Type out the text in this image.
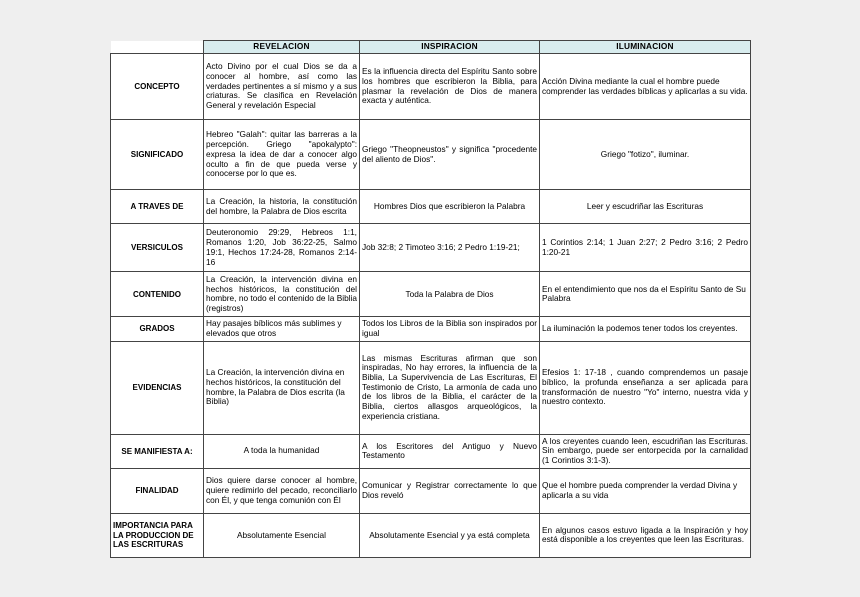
	REVELACION	INSPIRACION	ILUMINACION
CONCEPTO	Acto Divino por el cual Dios se da a conocer al hombre, así como las verdades pertinentes a sí mismo y a sus criaturas. Se clasifica en Revelación General y revelación Especial	Es la influencia directa del Espíritu Santo sobre los hombres que escribieron la Biblia, para plasmar la revelación de Dios de manera exacta y auténtica.	Acción Divina mediante la cual el hombre puede comprender las verdades bíblicas y aplicarlas a su vida.
SIGNIFICADO	Hebreo "Galah": quitar las barreras a la percepción. Griego "apokalypto": expresa la idea de dar a conocer algo oculto a fin de que pueda verse y conocerse por lo que es.	Griego "Theopneustos" y significa "procedente del aliento de Dios".	Griego "fotizo", iluminar.
A TRAVES DE	La Creación, la historia, la constitución del hombre, la Palabra de Dios escrita	Hombres Dios que escribieron la Palabra	Leer y escudriñar las Escrituras
VERSICULOS	Deuteronomio 29:29, Hebreos 1:1, Romanos 1:20, Job 36:22-25, Salmo 19:1, Hechos 17:24-28, Romanos 2:14-16	Job 32:8; 2 Timoteo 3:16; 2 Pedro 1:19-21;	1 Corintios 2:14; 1 Juan 2:27; 2 Pedro 3:16; 2 Pedro 1:20-21
CONTENIDO	La Creación, la intervención divina en hechos históricos, la constitución del hombre, no todo el contenido de la Biblia (registros)	Toda la Palabra de Dios	En el entendimiento que nos da el Espíritu Santo de Su Palabra
GRADOS	Hay pasajes bíblicos más sublimes y elevados que otros	Todos los Libros de la Biblia son inspirados por igual	La iluminación la podemos tener todos los creyentes.
EVIDENCIAS	La Creación, la intervención divina en hechos históricos, la constitución del hombre, la Palabra de Dios escrita (la Biblia)	Las mismas Escrituras afirman que son inspiradas, No hay errores, la influencia de la Biblia, La Supervivencia de Las Escrituras, El Testimonio de Cristo, La armonía de cada uno de los libros de la Biblia, el carácter de la Biblia, ciertos allasgos arqueológicos, la experiencia cristiana.	Efesios 1: 17-18 , cuando comprendemos un pasaje bíblico, la profunda enseñanza a ser aplicada para transformación de nuestro "Yo" interno, nuestra vida y nuestro contexto.
SE MANIFIESTA A:	A toda la humanidad	A los Escritores del Antiguo y Nuevo Testamento	A los creyentes cuando leen, escudriñan las Escrituras. Sin embargo, puede ser entorpecida por la carnalidad (1 Corintios 3:1-3).
FINALIDAD	Dios quiere darse conocer al hombre, quiere redimirlo del pecado, reconciliarlo con Él, y que tenga comunión con Él	Comunicar y Registrar correctamente lo que Dios reveló	Que el hombre pueda comprender la verdad Divina y aplicarla a su vida
IMPORTANCIA PARA LA PRODUCCION DE LAS ESCRITURAS	Absolutamente Esencial	Absolutamente Esencial y ya está completa	En algunos casos estuvo ligada a la Inspiración y hoy está disponible a los creyentes que leen las Escrituras.
